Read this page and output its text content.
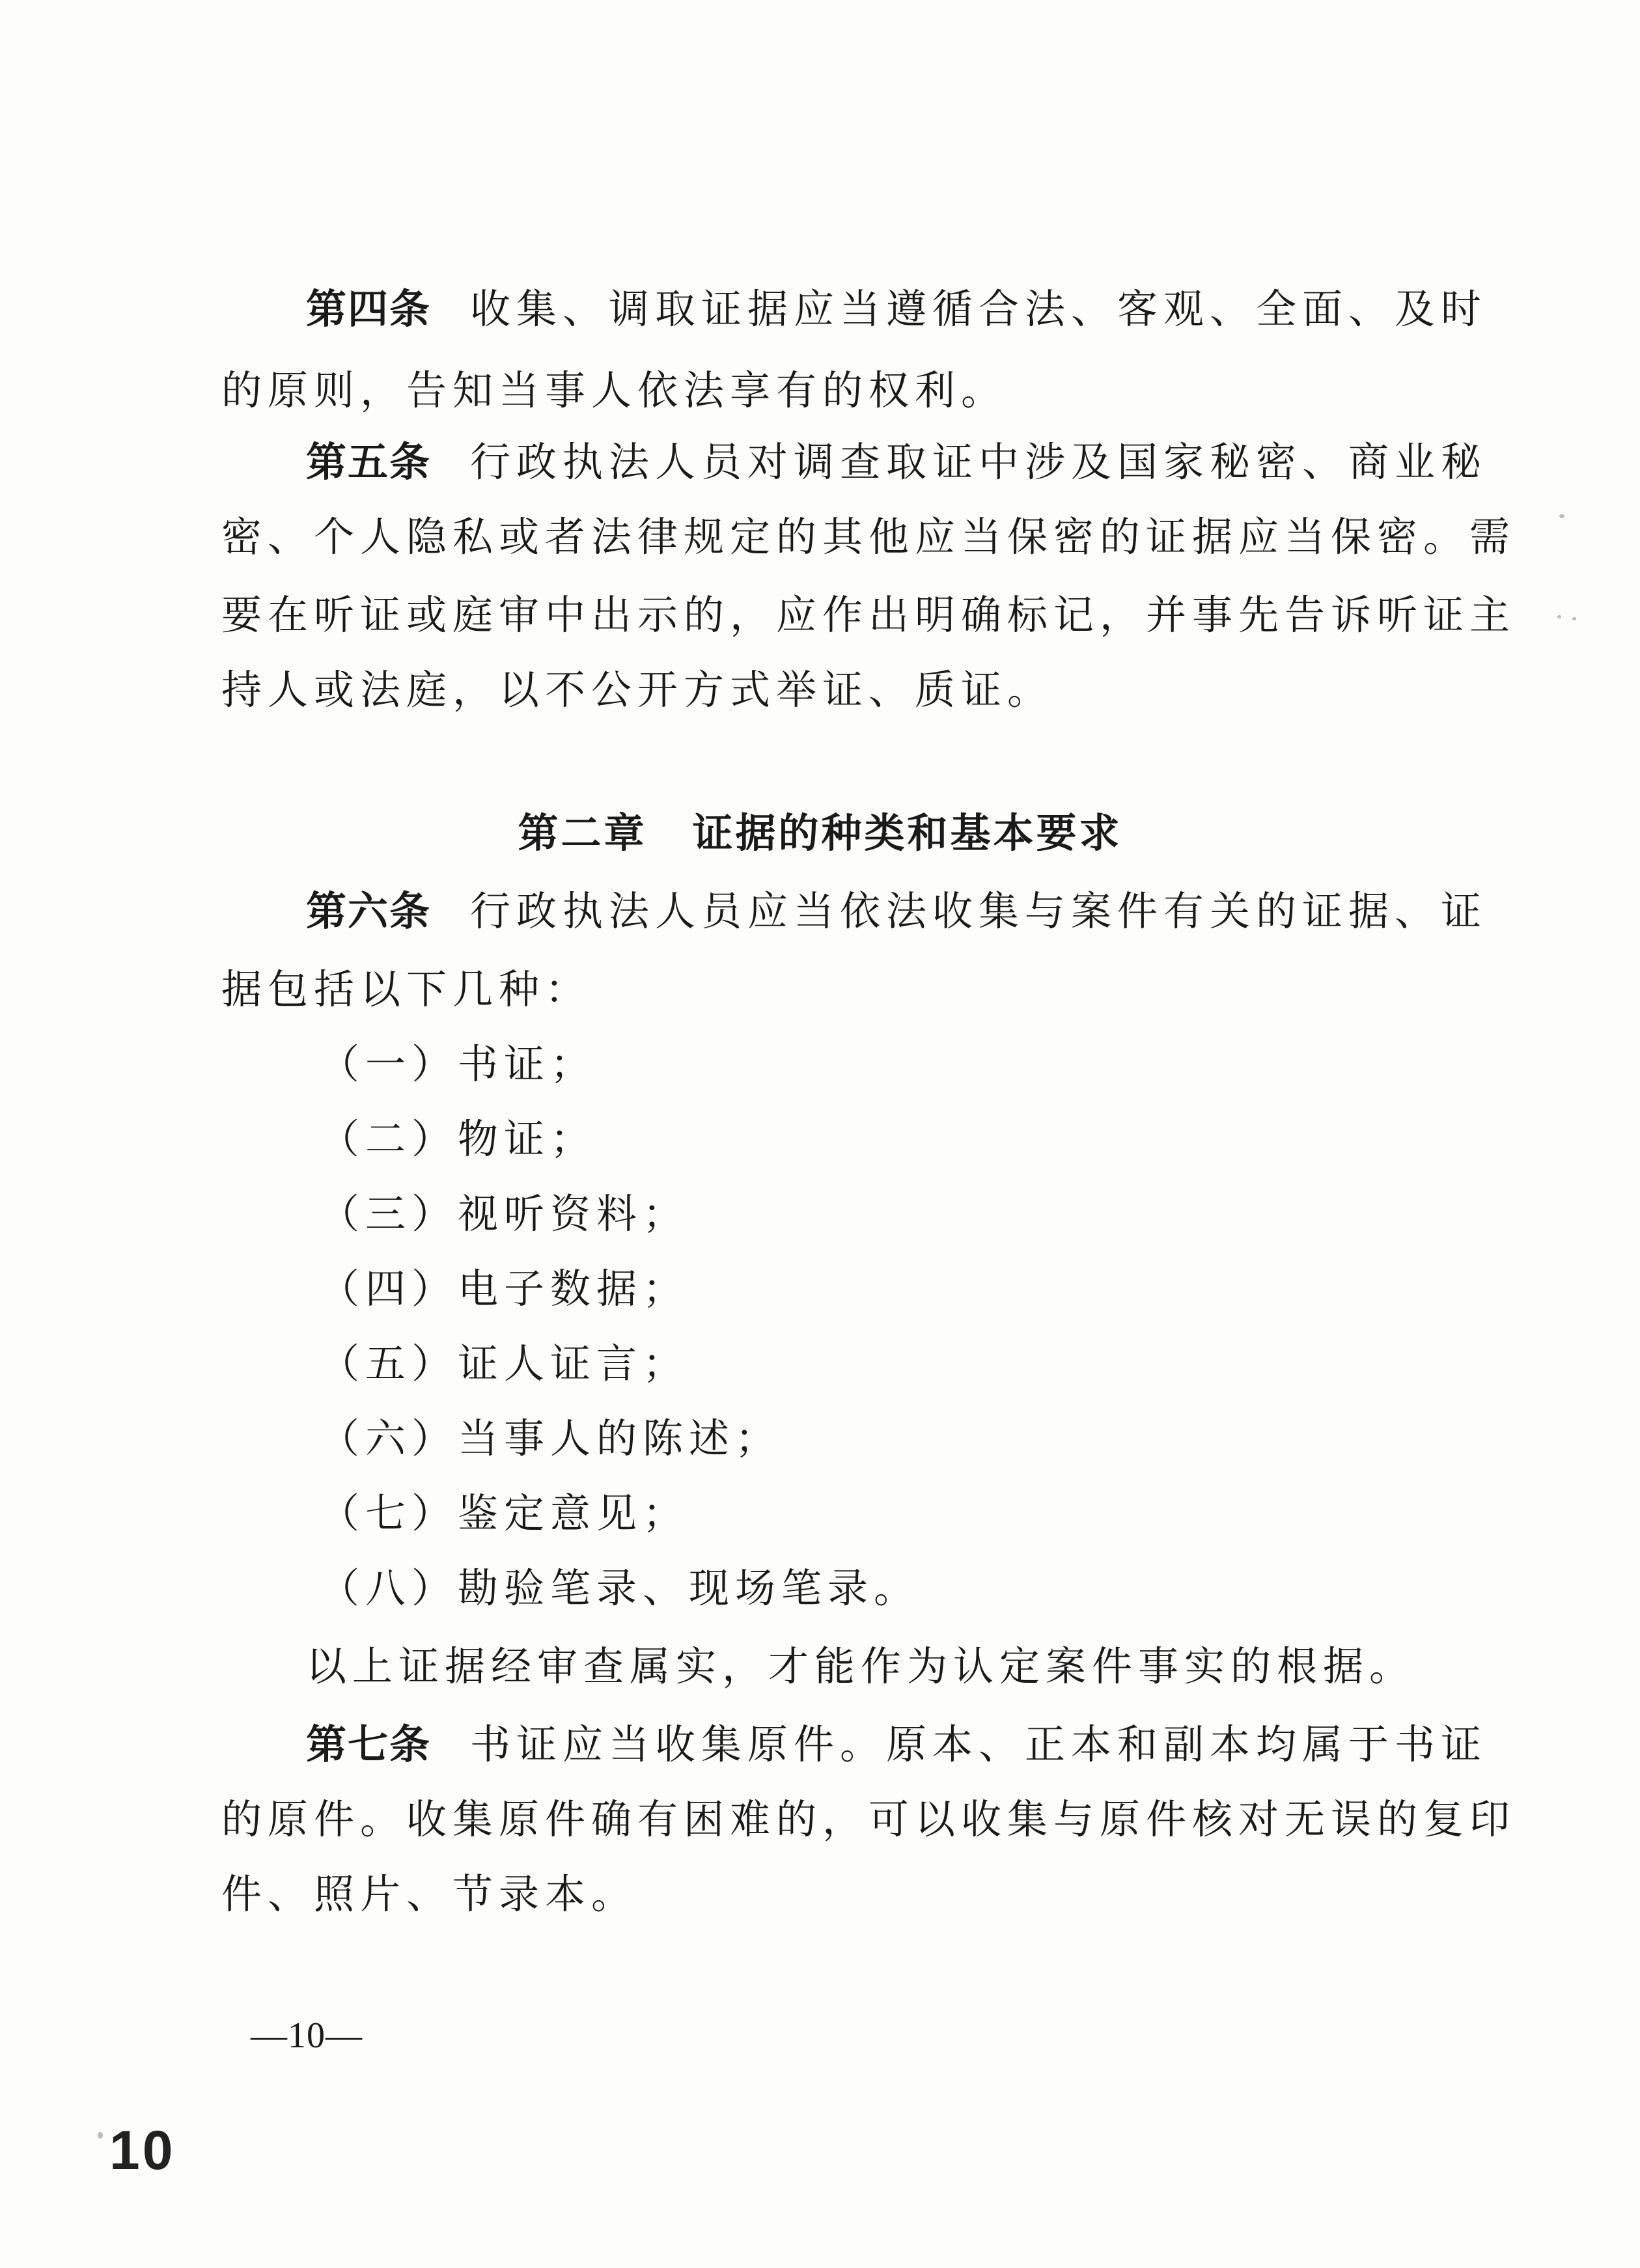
第四条 收集、调取证据应当遵循合法、客观、全面、及时
的原则，告知当事人依法享有的权利。
第五条 行政执法人员对调查取证中涉及国家秘密、商业秘
密、个人隐私或者法律规定的其他应当保密的证据应当保密。需
要在听证或庭审中出示的，应作出明确标记，并事先告诉听证主
持人或法庭，以不公开方式举证、质证。
第二章 证据的种类和基本要求
第六条 行政执法人员应当依法收集与案件有关的证据、证
据包括以下几种：
（一）书证；
（二）物证；
（三）视听资料；
（四）电子数据；
（五）证人证言；
（六）当事人的陈述；
（七）鉴定意见；
（八）勘验笔录、现场笔录。
以上证据经审查属实，才能作为认定案件事实的根据。
第七条 书证应当收集原件。原本、正本和副本均属于书证
的原件。收集原件确有困难的，可以收集与原件核对无误的复印
件、照片、节录本。
—10—
10
